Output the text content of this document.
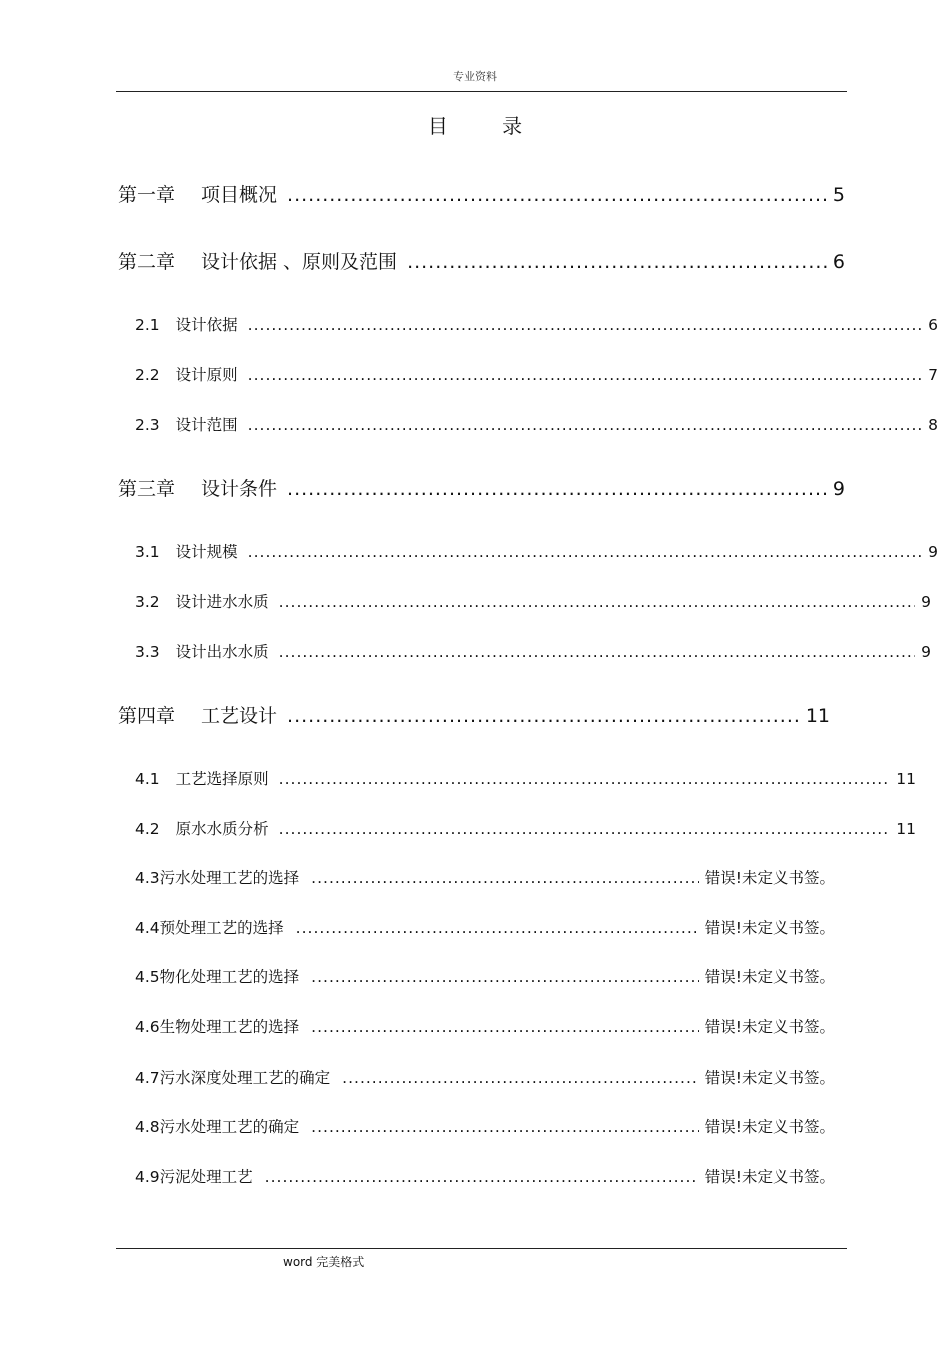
专业资料
目 录
第一章 项目概况 .....	5
第二章 设计依据 、原则及范围 .....	6
2.1 设计依据 .....	6
2.2 设计原则 .....	7
2.3 设计范围 .....	8
第三章 设计条件 .....	9
3.1 设计规模 .....	9
3.2 设计进水水质 .....	9
3.3 设计出水水质 .....	9
第四章 工艺设计 .....	11
4.1 工艺选择原则 .....	11
4.2 原水水质分析 .....	11
4.3 污水处理工艺的选择 .....	错误!未定义书签。
4.4 预处理工艺的选择 .....	错误!未定义书签。
4.5 物化处理工艺的选择 .....	错误!未定义书签。
4.6 生物处理工艺的选择 .....	错误!未定义书签。
4.7 污水深度处理工艺的确定 .....	错误!未定义书签。
4.8 污水处理工艺的确定 .....	错误!未定义书签。
4.9 污泥处理工艺 .....	错误!未定义书签。
word 完美格式
